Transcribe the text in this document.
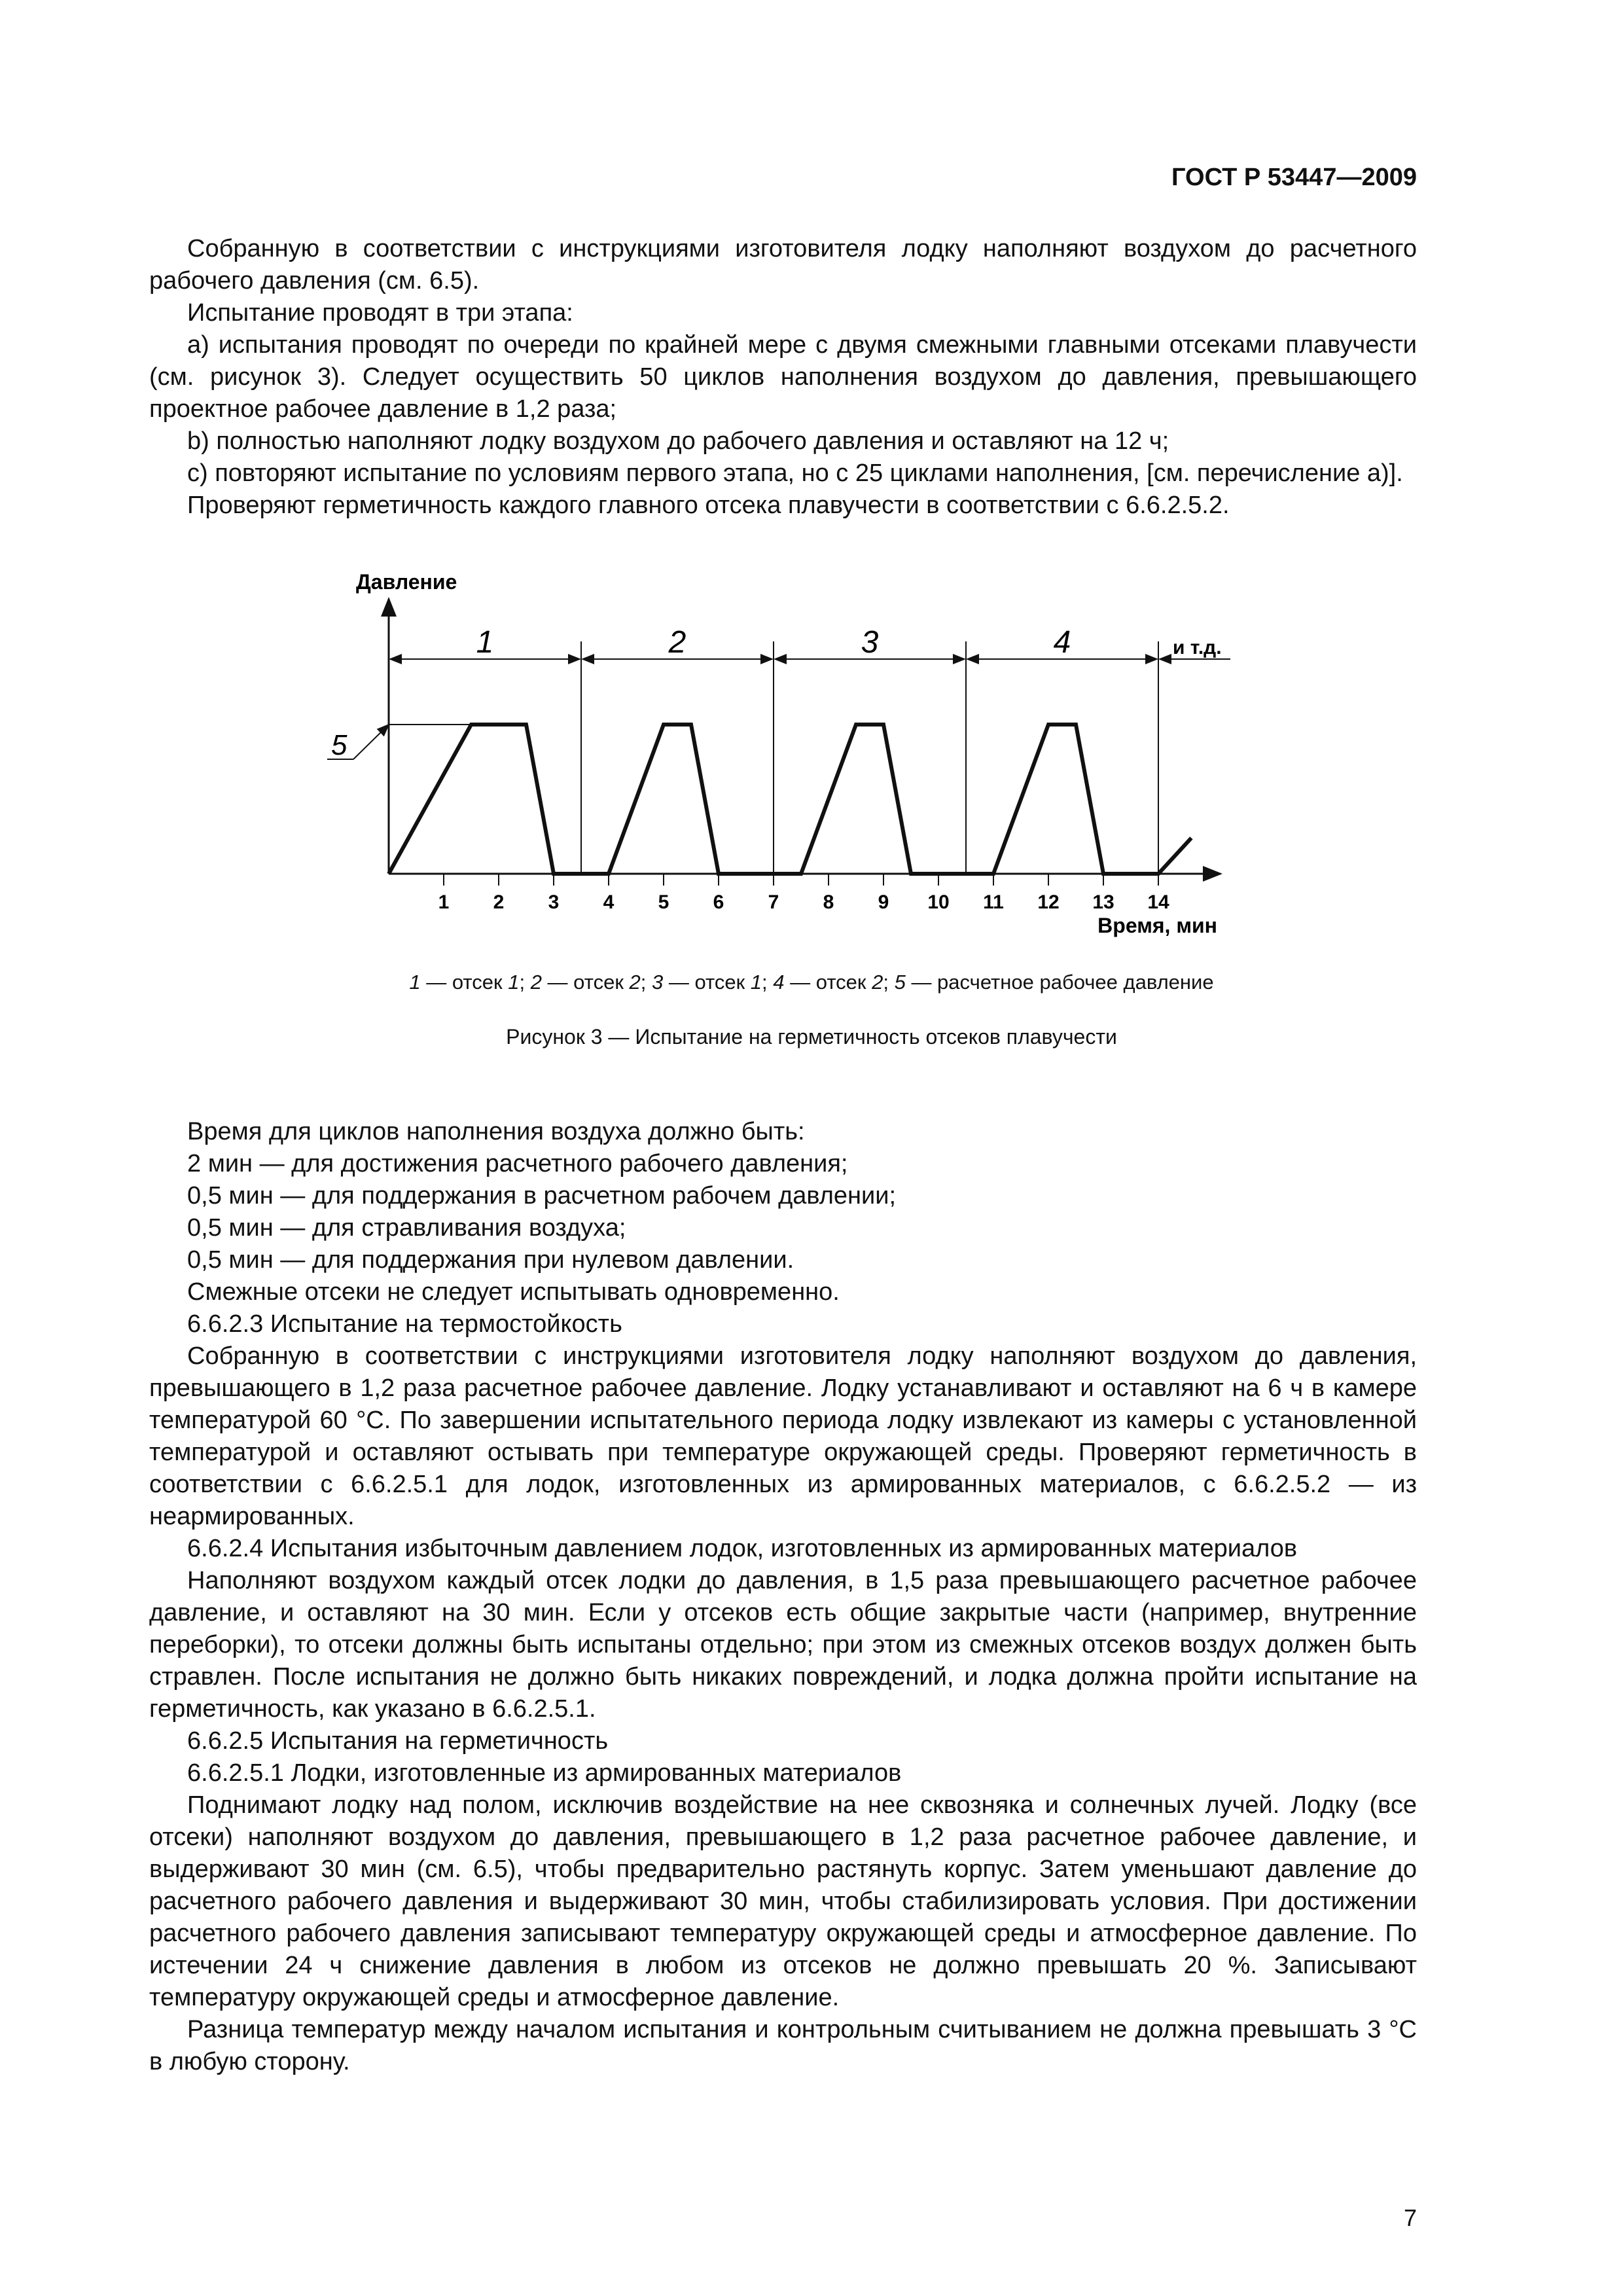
ГОСТ Р 53447—2009

Собранную в соответствии с инструкциями изготовителя лодку наполняют воздухом до расчетного рабочего давления (см. 6.5).

Испытание проводят в три этапа:

а) испытания проводят по очереди по крайней мере с двумя смежными главными отсеками плавучести (см. рисунок 3). Следует осуществить 50 циклов наполнения воздухом до давления, превышающего проектное рабочее давление в 1,2 раза;

b) полностью наполняют лодку воздухом до рабочего давления и оставляют на 12 ч;

с) повторяют испытание по условиям первого этапа, но с 25 циклами наполнения, [см. перечисление а)].

Проверяют герметичность каждого главного отсека плавучести в соответствии с 6.6.2.5.2.

Давление
Время, мин
1 2 3 4 5 6 7 8 9 10 11 12 13 14
1	2	3	4	и т.д.
5
1 — отсек 1; 2 — отсек 2; 3 — отсек 1; 4 — отсек 2; 5 — расчетное рабочее давление
Рисунок 3 — Испытание на герметичность отсеков плавучести

Время для циклов наполнения воздуха должно быть:

2 мин — для достижения расчетного рабочего давления;

0,5 мин — для поддержания в расчетном рабочем давлении;

0,5 мин — для стравливания воздуха;

0,5 мин — для поддержания при нулевом давлении.

Смежные отсеки не следует испытывать одновременно.

6.6.2.3 Испытание на термостойкость

Собранную в соответствии с инструкциями изготовителя лодку наполняют воздухом до давления, превышающего в 1,2 раза расчетное рабочее давление. Лодку устанавливают и оставляют на 6 ч в камере температурой 60 °С. По завершении испытательного периода лодку извлекают из камеры с установленной температурой и оставляют остывать при температуре окружающей среды. Проверяют герметичность в соответствии с 6.6.2.5.1 для лодок, изготовленных из армированных материалов, с 6.6.2.5.2 — из неармированных.

6.6.2.4 Испытания избыточным давлением лодок, изготовленных из армированных материалов

Наполняют воздухом каждый отсек лодки до давления, в 1,5 раза превышающего расчетное рабочее давление, и оставляют на 30 мин. Если у отсеков есть общие закрытые части (например, внутренние переборки), то отсеки должны быть испытаны отдельно; при этом из смежных отсеков воздух должен быть стравлен. После испытания не должно быть никаких повреждений, и лодка должна пройти испытание на герметичность, как указано в 6.6.2.5.1.

6.6.2.5 Испытания на герметичность

6.6.2.5.1 Лодки, изготовленные из армированных материалов

Поднимают лодку над полом, исключив воздействие на нее сквозняка и солнечных лучей. Лодку (все отсеки) наполняют воздухом до давления, превышающего в 1,2 раза расчетное рабочее давление, и выдерживают 30 мин (см. 6.5), чтобы предварительно растянуть корпус. Затем уменьшают давление до расчетного рабочего давления и выдерживают 30 мин, чтобы стабилизировать условия. При достижении расчетного рабочего давления записывают температуру окружающей среды и атмосферное давление. По истечении 24 ч снижение давления в любом из отсеков не должно превышать 20 %. Записывают температуру окружающей среды и атмосферное давление.

Разница температур между началом испытания и контрольным считыванием не должна превышать 3 °С в любую сторону.

7
